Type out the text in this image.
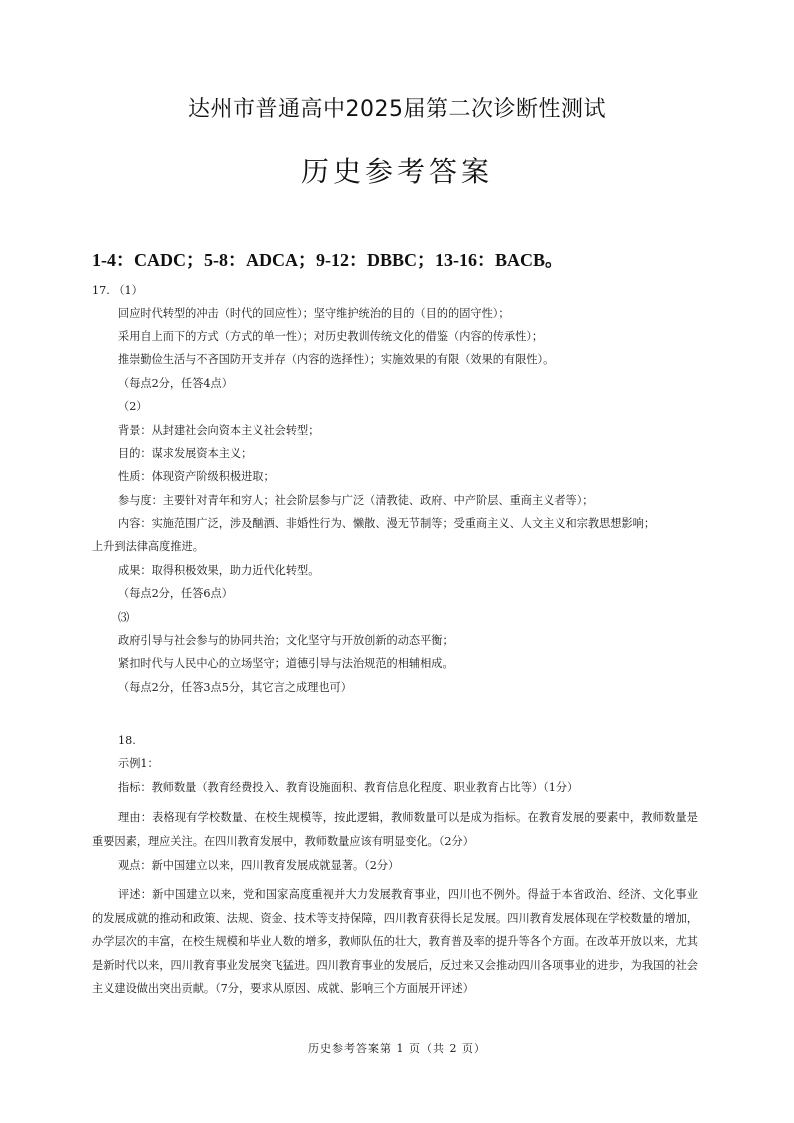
达州市普通高中2025届第二次诊断性测试
历史参考答案
1-4：CADC；5-8：ADCA；9-12：DBBC；13-16：BACB。
17. （1）
回应时代转型的冲击（时代的回应性）；坚守维护统治的目的（目的的固守性）；
采用自上而下的方式（方式的单一性）；对历史教训传统文化的借鉴（内容的传承性）；
推崇勤俭生活与不吝国防开支并存（内容的选择性）；实施效果的有限（效果的有限性）。
（每点2分，任答4点）
（2）
背景：从封建社会向资本主义社会转型；
目的：谋求发展资本主义；
性质：体现资产阶级积极进取；
参与度：主要针对青年和穷人；社会阶层参与广泛（清教徒、政府、中产阶层、重商主义者等）；
内容：实施范围广泛，涉及酗酒、非婚性行为、懒散、漫无节制等；受重商主义、人文主义和宗教思想影响；
上升到法律高度推进。
成果：取得积极效果，助力近代化转型。
（每点2分，任答6点）
⑶
政府引导与社会参与的协同共治；文化坚守与开放创新的动态平衡；
紧扣时代与人民中心的立场坚守；道德引导与法治规范的相辅相成。
（每点2分，任答3点5分，其它言之成理也可）
18.
示例1：
指标：教师数量（教育经费投入、教育设施面积、教育信息化程度、职业教育占比等）（1分）
理由：表格现有学校数量、在校生规模等，按此逻辑，教师数量可以是成为指标。在教育发展的要素中，教师数量是重要因素，理应关注。在四川教育发展中，教师数量应该有明显变化。（2分）
观点：新中国建立以来，四川教育发展成就显著。（2分）
评述：新中国建立以来，党和国家高度重视并大力发展教育事业，四川也不例外。得益于本省政治、经济、文化事业的发展成就的推动和政策、法规、资金、技术等支持保障，四川教育获得长足发展。四川教育发展体现在学校数量的增加，办学层次的丰富，在校生规模和毕业人数的增多，教师队伍的壮大，教育普及率的提升等各个方面。在改革开放以来，尤其是新时代以来，四川教育事业发展突飞猛进。四川教育事业的发展后，反过来又会推动四川各项事业的进步，为我国的社会主义建设做出突出贡献。（7分，要求从原因、成就、影响三个方面展开评述）
历史参考答案第 1 页（共 2 页）
